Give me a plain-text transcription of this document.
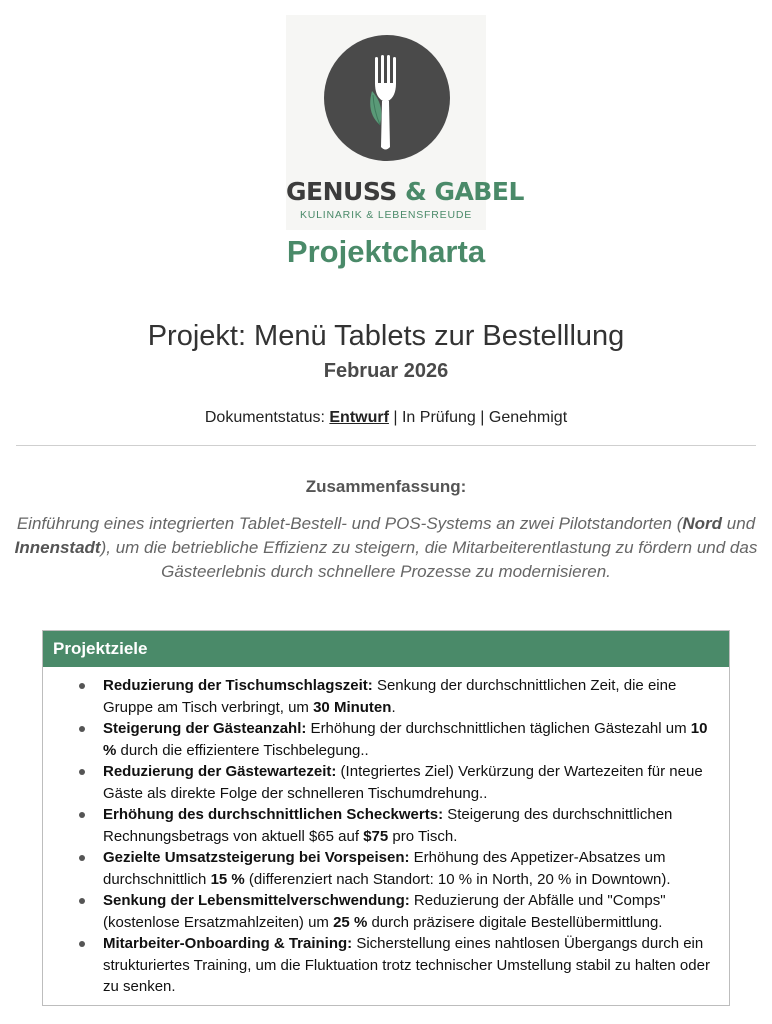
GENUSS & GABEL
KULINARIK & LEBENSFREUDE
Projektcharta
Projekt: Menü Tablets zur Bestelllung
Februar 2026
Dokumentstatus: Entwurf | In Prüfung | Genehmigt
Zusammenfassung:
Einführung eines integrierten Tablet-Bestell- und POS-Systems an zwei Pilotstandorten (Nord und Innenstadt), um die betriebliche Effizienz zu steigern, die Mitarbeiterentlastung zu fördern und das Gästeerlebnis durch schnellere Prozesse zu modernisieren.
Projektziele
Reduzierung der Tischumschlagszeit: Senkung der durchschnittlichen Zeit, die eine Gruppe am Tisch verbringt, um 30 Minuten.
Steigerung der Gästeanzahl: Erhöhung der durchschnittlichen täglichen Gästezahl um 10 % durch die effizientere Tischbelegung..
Reduzierung der Gästewartezeit: (Integriertes Ziel) Verkürzung der Wartezeiten für neue Gäste als direkte Folge der schnelleren Tischumdrehung..
Erhöhung des durchschnittlichen Scheckwerts: Steigerung des durchschnittlichen Rechnungsbetrags von aktuell $65 auf $75 pro Tisch.
Gezielte Umsatzsteigerung bei Vorspeisen: Erhöhung des Appetizer-Absatzes um durchschnittlich 15 % (differenziert nach Standort: 10 % in North, 20 % in Downtown).
Senkung der Lebensmittelverschwendung: Reduzierung der Abfälle und "Comps" (kostenlose Ersatzmahlzeiten) um 25 % durch präzisere digitale Bestellübermittlung.
Mitarbeiter-Onboarding & Training: Sicherstellung eines nahtlosen Übergangs durch ein strukturiertes Training, um die Fluktuation trotz technischer Umstellung stabil zu halten oder zu senken.
